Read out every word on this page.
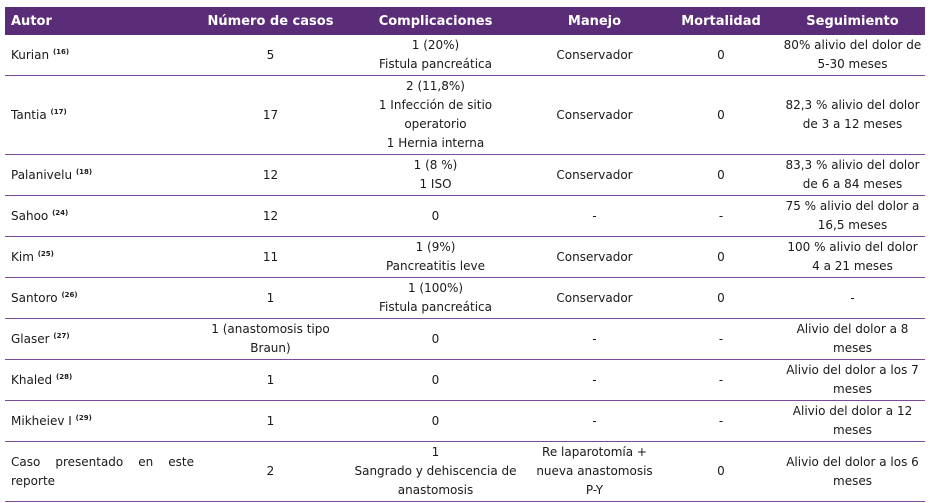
Autor	Número de casos	Complicaciones	Manejo	Mortalidad	Seguimiento
Kurian $^{(16)}$	5	1 (20%)
Fistula pancreática	Conservador	0	80% alivio del dolor de
5-30 meses

Tantia $^{(17)}$	17	2 (11,8%)
1 Infección de sitio
operatorio
1 Hernia interna	Conservador	0	82,3 % alivio del dolor
de 3 a 12 meses

Palanivelu $^{(18)}$	12	1 (8 %)
1 ISO	Conservador	0	83,3 % alivio del dolor
de 6 a 84 meses

Sahoo $^{(24)}$	12	0	-	-	75 % alivio del dolor a
16,5 meses

Kim $^{(25)}$	11	1 (9%)
Pancreatitis leve	Conservador	0	100 % alivio del dolor
4 a 21 meses

Santoro $^{(26)}$	1	1 (100%)
Fistula pancreática	Conservador	0	-

Glaser $^{(27)}$	1 (anastomosis tipo
Braun)	0	-	-	Alivio del dolor a 8
meses

Khaled $^{(28)}$	1	0	-	-	Alivio del dolor a los 7
meses

Mikheiev I $^{(29)}$	1	0	-	-	Alivio del dolor a 12
meses

Caso presentado en este reporte	2	1
Sangrado y dehiscencia de
anastomosis	Re laparotomía +
nueva anastomosis P-Y	0	Alivio del dolor a los 6
meses
